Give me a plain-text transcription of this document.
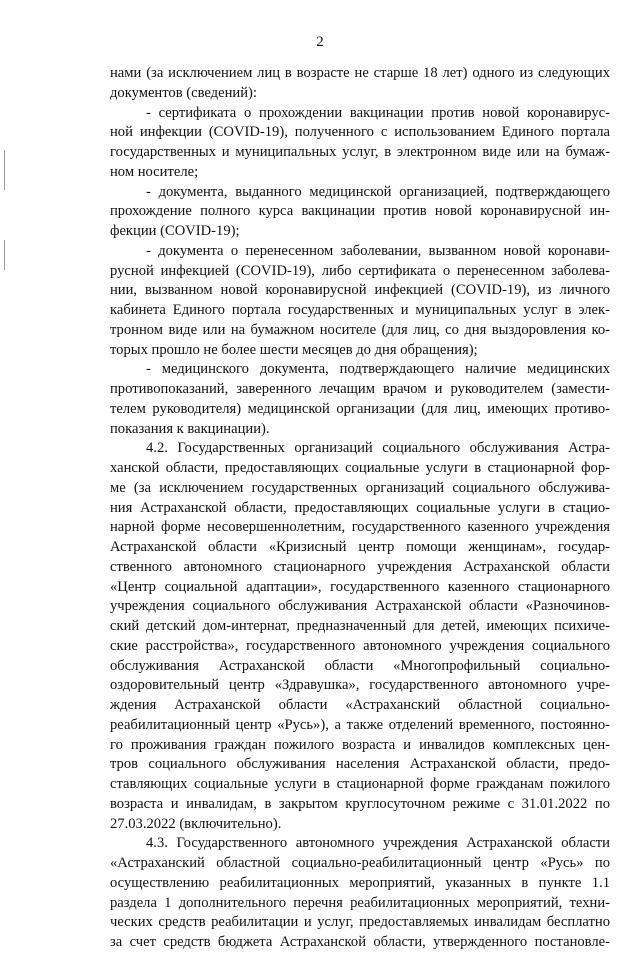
2
нами (за исключением лиц в возрасте не старше 18 лет) одного из следующих
документов (сведений):
- сертификата о прохождении вакцинации против новой коронавирус-
ной инфекции (COVID-19), полученного с использованием Единого портала
государственных и муниципальных услуг, в электронном виде или на бумаж-
ном носителе;
- документа, выданного медицинской организацией, подтверждающего
прохождение полного курса вакцинации против новой коронавирусной ин-
фекции (COVID-19);
- документа о перенесенном заболевании, вызванном новой коронави-
русной инфекцией (COVID-19), либо сертификата о перенесенном заболева-
нии, вызванном новой коронавирусной инфекцией (COVID-19), из личного
кабинета Единого портала государственных и муниципальных услуг в элек-
тронном виде или на бумажном носителе (для лиц, со дня выздоровления ко-
торых прошло не более шести месяцев до дня обращения);
- медицинского документа, подтверждающего наличие медицинских
противопоказаний, заверенного лечащим врачом и руководителем (замести-
телем руководителя) медицинской организации (для лиц, имеющих противо-
показания к вакцинации).
4.2. Государственных организаций социального обслуживания Астра-
ханской области, предоставляющих социальные услуги в стационарной фор-
ме (за исключением государственных организаций социального обслужива-
ния Астраханской области, предоставляющих социальные услуги в стацио-
нарной форме несовершеннолетним, государственного казенного учреждения
Астраханской области «Кризисный центр помощи женщинам», государ-
ственного автономного стационарного учреждения Астраханской области
«Центр социальной адаптации», государственного казенного стационарного
учреждения социального обслуживания Астраханской области «Разночинов-
ский детский дом-интернат, предназначенный для детей, имеющих психиче-
ские расстройства», государственного автономного учреждения социального
обслуживания Астраханской области «Многопрофильный социально-
оздоровительный центр «Здравушка», государственного автономного учре-
ждения Астраханской области «Астраханский областной социально-
реабилитационный центр «Русь»), а также отделений временного, постоянно-
го проживания граждан пожилого возраста и инвалидов комплексных цен-
тров социального обслуживания населения Астраханской области, предо-
ставляющих социальные услуги в стационарной форме гражданам пожилого
возраста и инвалидам, в закрытом круглосуточном режиме с 31.01.2022 по
27.03.2022 (включительно).
4.3. Государственного автономного учреждения Астраханской области
«Астраханский областной социально-реабилитационный центр «Русь» по
осуществлению реабилитационных мероприятий, указанных в пункте 1.1
раздела 1 дополнительного перечня реабилитационных мероприятий, техни-
ческих средств реабилитации и услуг, предоставляемых инвалидам бесплатно
за счет средств бюджета Астраханской области, утвержденного постановле-
